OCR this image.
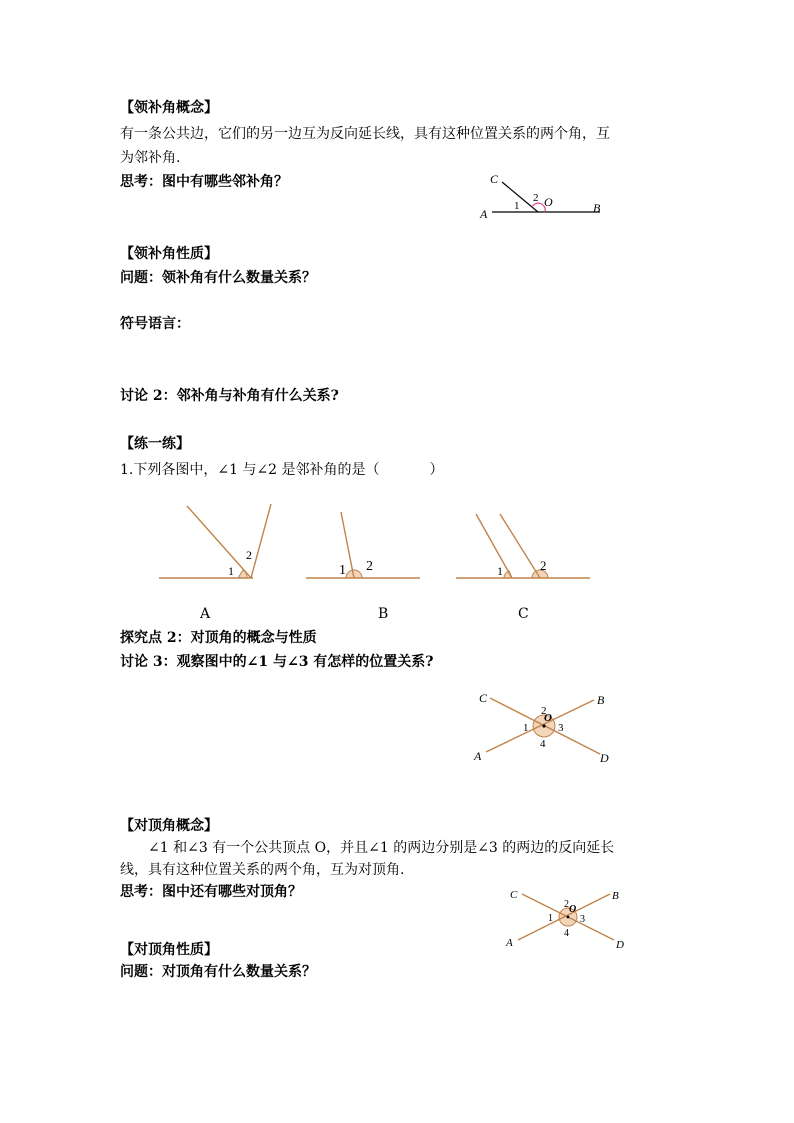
【领补角概念】
有一条公共边，它们的另一边互为反向延长线，具有这种位置关系的两个角，互
为邻补角.
思考：图中有哪些邻补角？	C
A	B
O
1
2
【领补角性质】
问题：领补角有什么数量关系？
符号语言：
讨论 2：邻补角与补角有什么关系?
【练一练】
1.下列各图中，∠1 与∠2 是邻补角的是（	）
1
2
A
1 2
B
1	2
C
探究点 2：对顶角的概念与性质
讨论 3：观察图中的∠1 与∠3 有怎样的位置关系?
C	B
A	D
O
1
2
3
4
【对顶角概念】
∠1 和∠3 有一个公共顶点 O，并且∠1 的两边分别是∠3 的两边的反向延长
线，具有这种位置关系的两个角，互为对顶角.
思考：图中还有哪些对顶角？	C	B
A	D
O
1
2
3
4
【对顶角性质】
问题：对顶角有什么数量关系？
